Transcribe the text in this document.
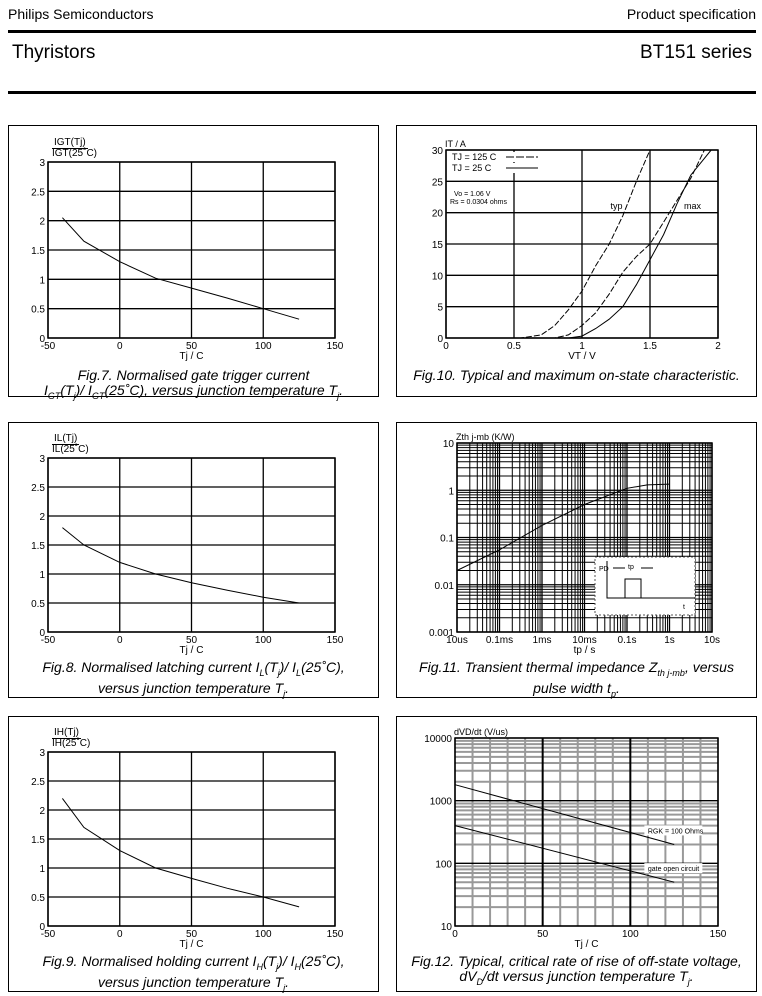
Philips Semiconductors	Product specification
Thyristors	BT151 series
Fig.7. Normalised gate trigger current
$I_{GT}(T_j)/$ $I_{GT}(25˚C)$, versus junction temperature $T_j$.
Fig.10. Typical and maximum on-state characteristic.
Fig.8. Normalised latching current $I_L(T_j)/$ $I_L(25˚C)$,
versus junction temperature $T_j$.
Fig.11. Transient thermal impedance $Z_{th j-mb}$, versus
pulse width $t_p$.
Fig.9. Normalised holding current $I_H(T_j)/$ $I_H(25˚C)$,
versus junction temperature $T_j$.
Fig.12. Typical, critical rate of rise of off-state voltage,
$dV_D/dt$ versus junction temperature $T_j$.
IGT(Tj)
IGT(25˚C)
IL(Tj)
IL(25˚C)
IH(Tj)
IH(25˚C)
-50	0	50	100	150
0
0.5
1
1.5
2
2.5
3
Tj / C
-50	0	50	100	150
0
0.5
1
1.5
2
2.5
3
Tj / C
-50	0	50	100	150
0
0.5
1
1.5
2
2.5
3
Tj / C
0	0.5	1	1.5	2
0
5
10
15
20
25
30
VT / V
IT / A
TJ = 125 C
TJ = 25 C
Vo = 1.06 V
Rs = 0.0304 ohms	typ	max
10us 0.1ms 1ms 10ms 0.1s	1s	10s
0.001
0.01
0.1
1
10
tp / s
Zth j-mb (K/W)
PD	tp
t
0	50	100	150
10
100
1000
10000
Tj / C
dVD/dt (V/us)
RGK = 100 Ohms
gate open circuit
